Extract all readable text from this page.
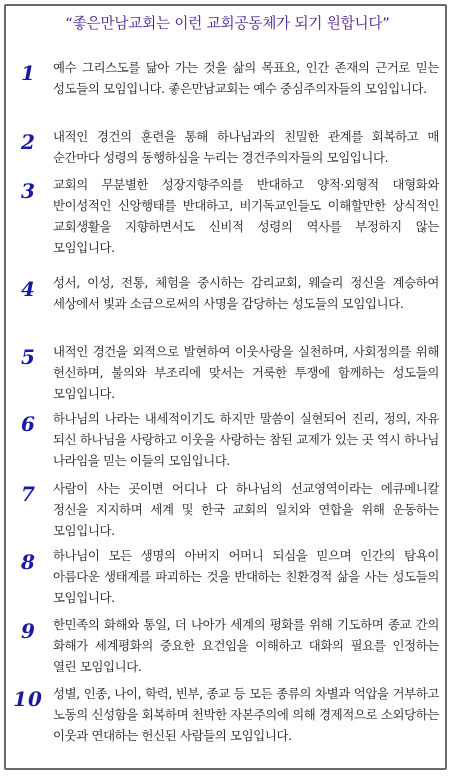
“좋은만남교회는 이런 교회공동체가 되기 원합니다”
1	예수 그리스도를 닮아 가는 것을 삶의 목표요, 인간 존재의 근거로 믿는 성도들의 모임입니다. 좋은만남교회는 예수 중심주의자들의 모임입니다.
2	내적인 경건의 훈련을 통해 하나님과의 친밀한 관계를 회복하고 매 순간마다 성령의 동행하심을 누리는 경건주의자들의 모임입니다.
3	교회의 무분별한 성장지향주의를 반대하고 양적·외형적 대형화와 반이성적인 신앙행태를 반대하고, 비기독교인들도 이해할만한 상식적인 교회생활을 지향하면서도 신비적 성령의 역사를 부정하지 않는 모임입니다.
4	성서, 이성, 전통, 체험을 중시하는 감리교회, 웨슬리 정신을 계승하여 세상에서 빛과 소금으로써의 사명을 감당하는 성도들의 모임입니다.
5	내적인 경건을 외적으로 발현하여 이웃사랑을 실천하며, 사회정의를 위해 헌신하며, 불의와 부조리에 맞서는 거룩한 투쟁에 함께하는 성도들의 모임입니다.
6	하나님의 나라는 내세적이기도 하지만 말씀이 실현되어 진리, 정의, 자유 되신 하나님을 사랑하고 이웃을 사랑하는 참된 교제가 있는 곳 역시 하나님 나라임을 믿는 이들의 모임입니다.
7	사람이 사는 곳이면 어디나 다 하나님의 선교영역이라는 에큐메니칼 정신을 지지하며 세계 및 한국 교회의 일치와 연합을 위해 운동하는 모임입니다.
8	하나님이 모든 생명의 아버지 어머니 되심을 믿으며 인간의 탐욕이 아름다운 생태계를 파괴하는 것을 반대하는 친환경적 삶을 사는 성도들의 모임입니다.
9	한민족의 화해와 통일, 더 나아가 세계의 평화를 위해 기도하며 종교 간의 화해가 세계평화의 중요한 요건임을 이해하고 대화의 필요를 인정하는 열린 모임입니다.
10 성별, 인종, 나이, 학력, 빈부, 종교 등 모든 종류의 차별과 억압을 거부하고 노동의 신성함을 회복하며 천박한 자본주의에 의해 경제적으로 소외당하는 이웃과 연대하는 헌신된 사람들의 모임입니다.
